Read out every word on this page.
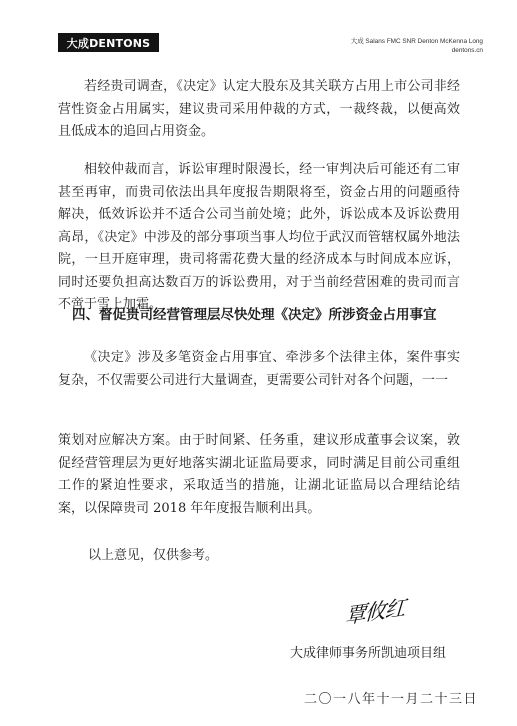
大成DENTONS	大成 Salans FMC SNR Denton McKenna Long
dentons.cn

若经贵司调查，《决定》认定大股东及其关联方占用上市公司非经营性资金占用属实，建议贵司采用仲裁的方式，一裁终裁，以便高效且低成本的追回占用资金。

相较仲裁而言，诉讼审理时限漫长，经一审判决后可能还有二审甚至再审，而贵司依法出具年度报告期限将至，资金占用的问题亟待解决，低效诉讼并不适合公司当前处境；此外，诉讼成本及诉讼费用高昂，《决定》中涉及的部分事项当事人均位于武汉而管辖权属外地法院，一旦开庭审理，贵司将需花费大量的经济成本与时间成本应诉，同时还要负担高达数百万的诉讼费用，对于当前经营困难的贵司而言不啻于雪上加霜。

四、督促贵司经营管理层尽快处理《决定》所涉资金占用事宜

《决定》涉及多笔资金占用事宜、牵涉多个法律主体，案件事实复杂，不仅需要公司进行大量调查，更需要公司针对各个问题，一一

策划对应解决方案。由于时间紧、任务重，建议形成董事会议案，敦促经营管理层为更好地落实湖北证监局要求，同时满足目前公司重组工作的紧迫性要求，采取适当的措施，让湖北证监局以合理结论结案，以保障贵司 2018 年年度报告顺利出具。

以上意见，仅供参考。
覃攸红
大成律师事务所凯迪项目组
二〇一八年十一月二十三日
